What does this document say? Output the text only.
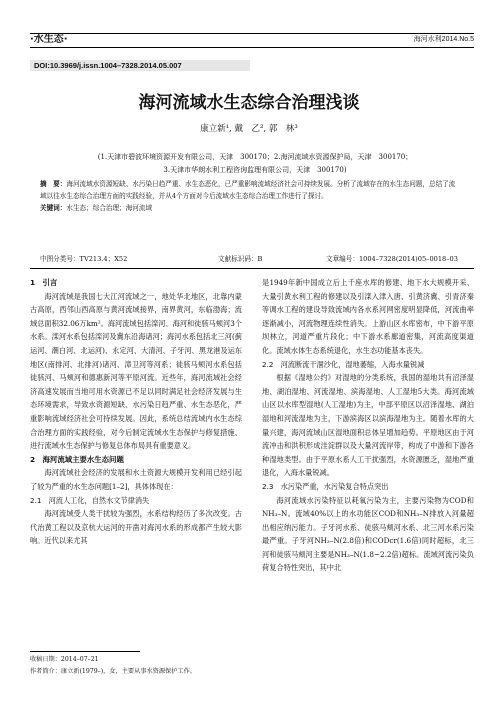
·水生态·	海河水利2014.No.5
DOI:10.3969/j.issn.1004–7328.2014.05.007
海河流域水生态综合治理浅谈
康立新¹, 戴　乙², 郭　林³
(1.天津市碧波环境资源开发有限公司，天津　300170；2.海河流域水资源保护局，天津　300170；
3.天津市华朗水利工程咨询监理有限公司，天津　300170)
摘　要：海河流域水资源短缺、水污染日趋严重、水生态恶化，已严重影响流域经济社会可持续发展。分析了流域存在的水生态问题，总结了流域以往水生态综合治理方面的实践经验，并从4个方面对今后流域水生态综合治理工作进行了探讨。
关键词：水生态；综合治理；海河流域
中图分类号：TV213.4；X52	文献标识码：B	文章编号：1004–7328(2014)05–0018–03

1　引言

海河流域是我国七大江河流域之一，地处华北地区，北靠内蒙古高原，西邻山西高原与黄河流域接界，南界黄河，东临渤海；流域总面积32.06万km²。海河流域包括滦河、海河和徒骇马颊河3个水系。滦河水系包括滦河及冀东沿海诸河；海河水系包括北三河(蓟运河、潮白河、北运河)、永定河、大清河、子牙河、黑龙港及运东地区(南排河、北排河)诸河、漳卫河等河系；徒骇马颊河水系包括徒骇河、马颊河和德惠新河等平原河流。近些年，海河流域社会经济高速发展而当地可用水资源已不足以同时满足社会经济发展与生态环境需求，导致水资源短缺、水污染日趋严重、水生态恶化，严重影响流域经济社会可持续发展。因此，系统总结流域内水生态综合治理方面的实践经验，对今后制定流域水生态保护与修复措施、进行流域水生态保护与修复总体布局具有重要意义。

2　海河流域主要水生态问题

海河流域社会经济的发展和水土资源大规模开发利用已经引起了较为严重的水生态问题[1–2]，具体体现在：

2.1　河流人工化，自然水文节律消失

海河流域受人类干扰较为强烈，水系结构经历了多次改变。古代治黄工程以及京杭大运河的开凿对海河水系的形成都产生较大影响。近代以来尤其

是1949年新中国成立后上千座水库的修建、地下水大规模开采、大量引黄水利工程的修建以及引滦入津入唐、引黄济冀、引青济秦等调水工程的建设导致流域内各水系河网密度明显降低，河流曲率逐渐减小，河流物理连续性消失。上游山区水库密布，中下游平原坝林立，河道严重片段化；中下游水系廊道密集，河流高度渠道化。流域水体生态系统退化，水生态功能基本丧失。

2.2　河流断流干涸沙化，湿地萎缩，入海水量锐减

根据《湿地公约》对湿地的分类系统，我国的湿地共有沼泽湿地、湖泊湿地、河流湿地、滨海湿地、人工湿地5大类。海河流域山区以水库型湿地(人工湿地)为主，中部平原区以沼泽湿地、湖泊湿地和河流湿地为主，下游滨海区以滨海湿地为主。随着水库的大量兴建，海河流域山区湿地面积总体呈增加趋势。平原地区由于河流冲击和洪积形成洼淀群以及大量河流岸带，构成了中游和下游各种湿地类型。由于平原水系人工干扰强烈，水资源匮乏，湿地严重退化，入海水量锐减。

2.3　水污染严重，水污染复合特点突出

海河流域水污染特征以耗氧污染为主，主要污染物为COD和NH₃–N。流域40%以上的水功能区COD和NH₃–N排放入河量超出相应纳污能力。子牙河水系、徒骇马颊河水系、北三河水系污染最严重。子牙河NH₃–N(2.8倍)和CODcr(1.6倍)同时超标，北三河和徒骇马颊河主要是NH₃–N(1.8~2.2倍)超标。流域河流污染负荷复合特性突出，其中北

收稿日期：2014–07–21
作者简介：康立新(1979–)，女，主要从事水资源保护工作。
